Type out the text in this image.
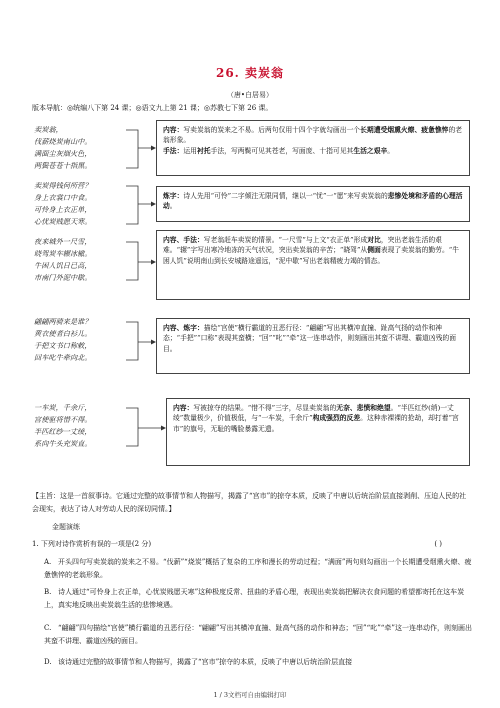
26. 卖炭翁
（唐•白居易）
版本导航：◎统编八下第 24 课；◎语文九上第 21 课；◎苏教七下第 26 课。
卖炭翁，
伐薪烧炭南山中。
满面尘灰烟火色，
两鬓苍苍十指黑。

内容：写卖炭翁的炭来之不易。后两句仅用十四个字就勾画出一个长期遭受烟熏火燎、疲惫憔悴的老翁形象。

手法：运用衬托手法，写两鬓可见其苍老，写面庞、十指可见其生活之艰辛。

卖炭得钱何所营？
身上衣裳口中食。
可怜身上衣正单，
心忧炭贱愿天寒。

炼字：诗人先用“可怜”二字倾注无限同情，继以一“忧”一“愿”来写卖炭翁的悲惨处境和矛盾的心理活动。

夜来城外一尺雪，
晓驾炭车辗冰辙。
牛困人饥日已高，
市南门外泥中歇。

内容、手法：写老翁赶车卖炭的情景。“一尺雪”与上文“衣正单”形成对比，突出老翁生活的艰难。“辗”字写出寒冷地冻的天气状况，突出卖炭翁的辛苦；“晓驾”从侧面表现了卖炭翁的勤劳。“牛困人饥”说明南山到长安城路途遥远，“泥中歇”写出老翁精疲力竭的情态。

翩翩两骑来是谁？
黄衣使者白衫儿。
手把文书口称敕，
回车叱牛牵向北。

内容、炼字：描绘“宫使”横行霸道的丑恶行径：“翩翩”写出其横冲直撞、趾高气扬的动作和神态；“手把”“口称”表现其蛮横；“回”“叱”“牵”这一连串动作，则刻画出其蛮不讲理、霸道凶残的面目。

一车炭，千余斤，
宫使驱将惜不得。
半匹红纱一丈绫，
系向牛头充炭直。

内容：写被掠夺的结果。“惜不得”三字，尽显卖炭翁的无奈、悲愤和绝望。“半匹红纱(绡)一丈绫”数量极少，价值极低，与“一车炭，千余斤”构成强烈的反差。这种赤裸裸的抢劫，却打着“宫市”的旗号，无耻的嘴脸暴露无遗。

【主旨：这是一首叙事诗。它通过完整的故事情节和人物描写，揭露了“宫市”的掠夺本质，反映了中唐以后统治阶层直接剥削、压迫人民的社会现实，表达了诗人对劳动人民的深切同情。】

金题演练
1. 下列对诗作赏析有误的一项是(2 分)	( )
A. 开头四句写卖炭翁的炭来之不易。“伐薪”“烧炭”概括了复杂的工序和漫长的劳动过程；“满面”两句则勾画出一个长期遭受烟熏火燎、疲惫憔悴的老翁形象。
B. 诗人通过“可怜身上衣正单，心忧炭贱愿天寒”这种极度反常、扭曲的矛盾心理，表现出卖炭翁把解决衣食问题的希望都寄托在这车炭上，真实地反映出卖炭翁生活的悲惨境遇。
C. “翩翩”四句描绘“宫使”横行霸道的丑恶行径：“翩翩”写出其横冲直撞、趾高气扬的动作和神态；“回”“叱”“牵”这一连串动作，则刻画出其蛮不讲理、霸道凶残的面目。
D. 该诗通过完整的故事情节和人物描写，揭露了“宫市”掠夺的本质，反映了中唐以后统治阶层直接
1 / 3文档可自由编辑打印
